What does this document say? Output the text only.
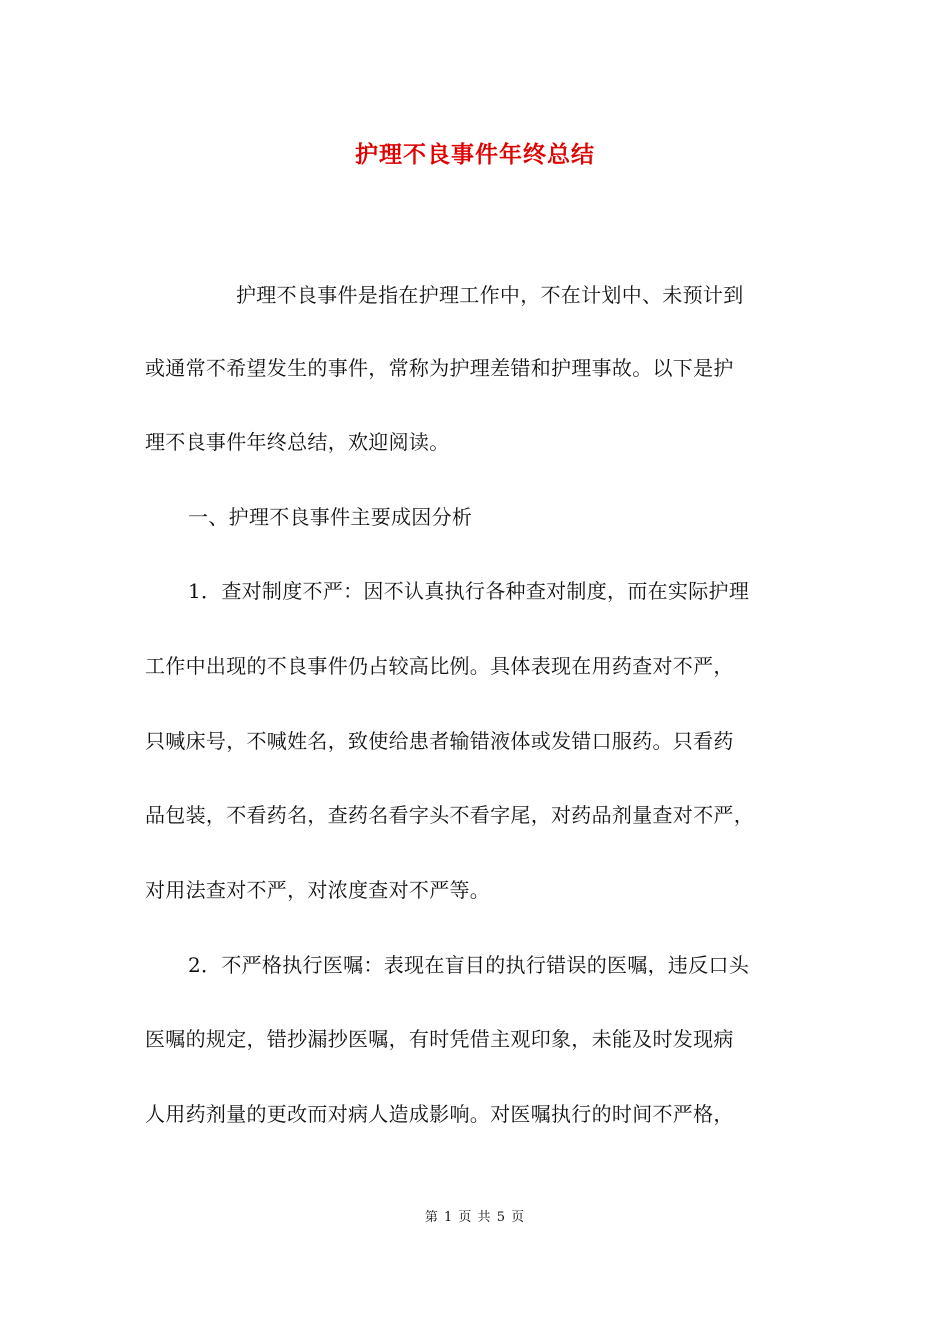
护理不良事件年终总结
护理不良事件是指在护理工作中，不在计划中、未预计到
或通常不希望发生的事件，常称为护理差错和护理事故。以下是护
理不良事件年终总结，欢迎阅读。
一、护理不良事件主要成因分析
1．查对制度不严：因不认真执行各种查对制度，而在实际护理
工作中出现的不良事件仍占较高比例。具体表现在用药查对不严，
只喊床号，不喊姓名，致使给患者输错液体或发错口服药。只看药
品包装，不看药名，查药名看字头不看字尾，对药品剂量查对不严，
对用法查对不严，对浓度查对不严等。
2．不严格执行医嘱：表现在盲目的执行错误的医嘱，违反口头
医嘱的规定，错抄漏抄医嘱，有时凭借主观印象，未能及时发现病
人用药剂量的更改而对病人造成影响。对医嘱执行的时间不严格，
第 1 页 共 5 页
